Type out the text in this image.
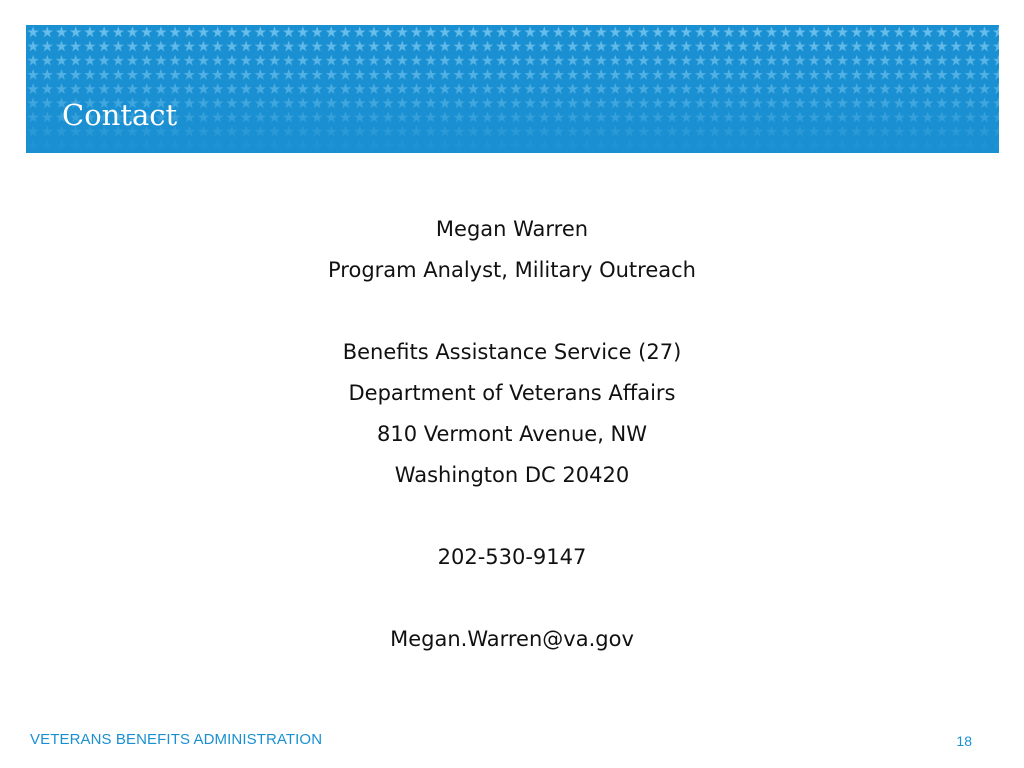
Contact
Megan Warren
Program Analyst, Military Outreach
Benefits Assistance Service (27)
Department of Veterans Affairs
810 Vermont Avenue, NW
Washington DC 20420
202-530-9147
Megan.Warren@va.gov
VETERANS BENEFITS ADMINISTRATION	18
